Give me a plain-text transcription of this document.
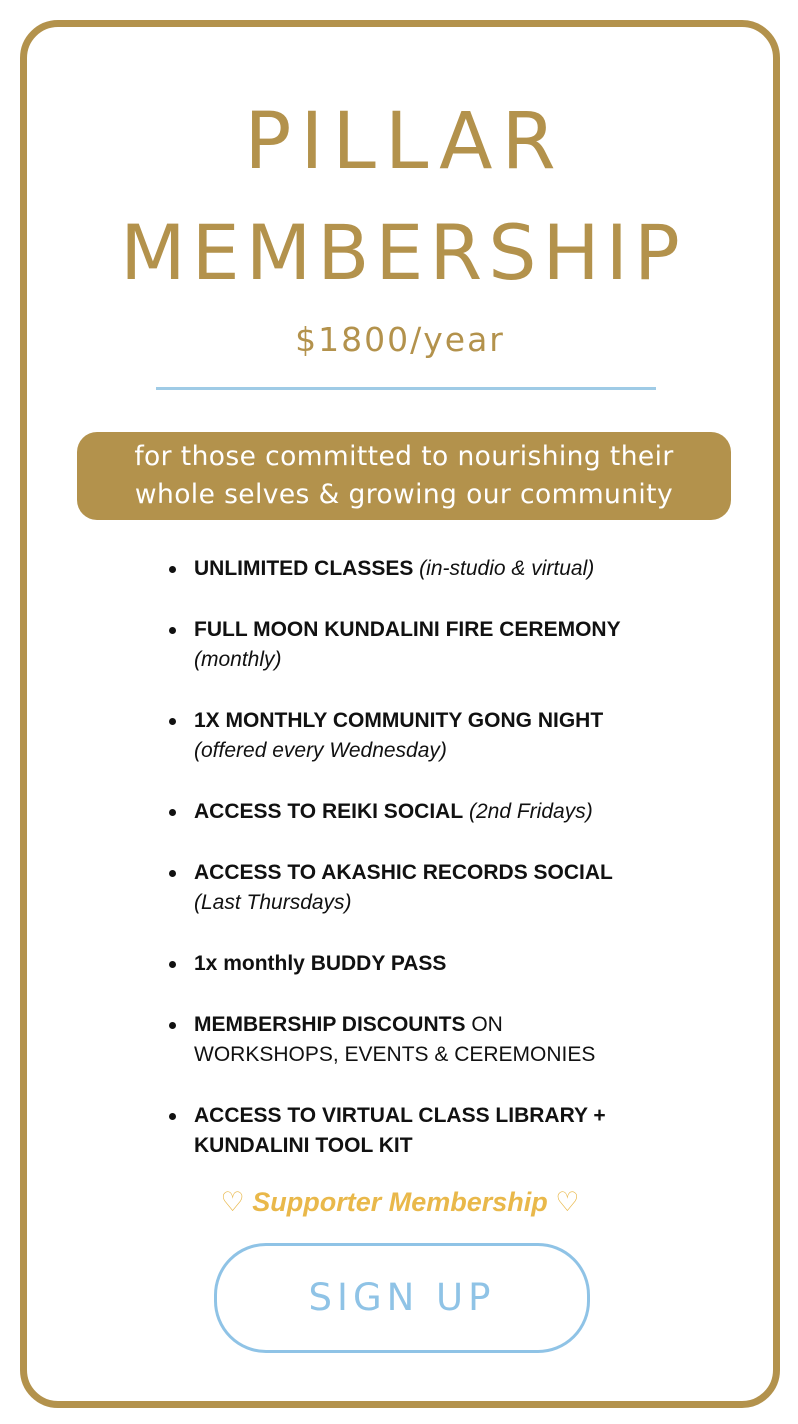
PILLAR
MEMBERSHIP
$1800/year
for those committed to nourishing their
whole selves & growing our community
UNLIMITED CLASSES (in-studio & virtual)
FULL MOON KUNDALINI FIRE CEREMONY
(monthly)
1X MONTHLY COMMUNITY GONG NIGHT
(offered every Wednesday)
ACCESS TO REIKI SOCIAL (2nd Fridays)
ACCESS TO AKASHIC RECORDS SOCIAL
(Last Thursdays)
1x monthly BUDDY PASS
MEMBERSHIP DISCOUNTS ON
WORKSHOPS, EVENTS & CEREMONIES
ACCESS TO VIRTUAL CLASS LIBRARY +
KUNDALINI TOOL KIT
♡ Supporter Membership ♡
SIGN UP
